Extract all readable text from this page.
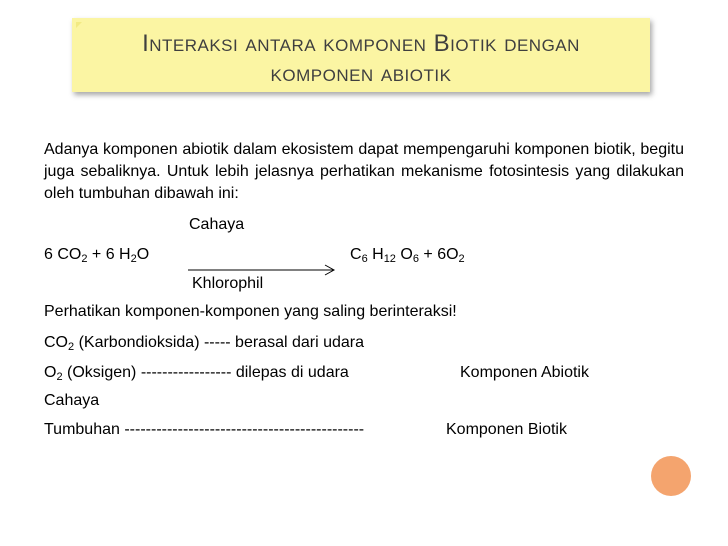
Interaksi antara komponen Biotik dengan
komponen abiotik
Adanya komponen abiotik dalam ekosistem dapat mempengaruhi komponen biotik, begitu juga sebaliknya. Untuk lebih jelasnya perhatikan mekanisme fotosintesis yang dilakukan oleh tumbuhan dibawah ini:
Cahaya
6 $CO_2 + 6$ $H_2O$	$C_6$ $H_{12}$ $O_6 + 6O_2$
Khlorophil
Perhatikan komponen-komponen yang saling berinteraksi!
$CO_2$ (Karbondioksida) ----- berasal dari udara
$O_2$ (Oksigen) ----------------- dilepas di udara	Komponen Abiotik
Cahaya
Tumbuhan ---------------------------------------------	Komponen Biotik
